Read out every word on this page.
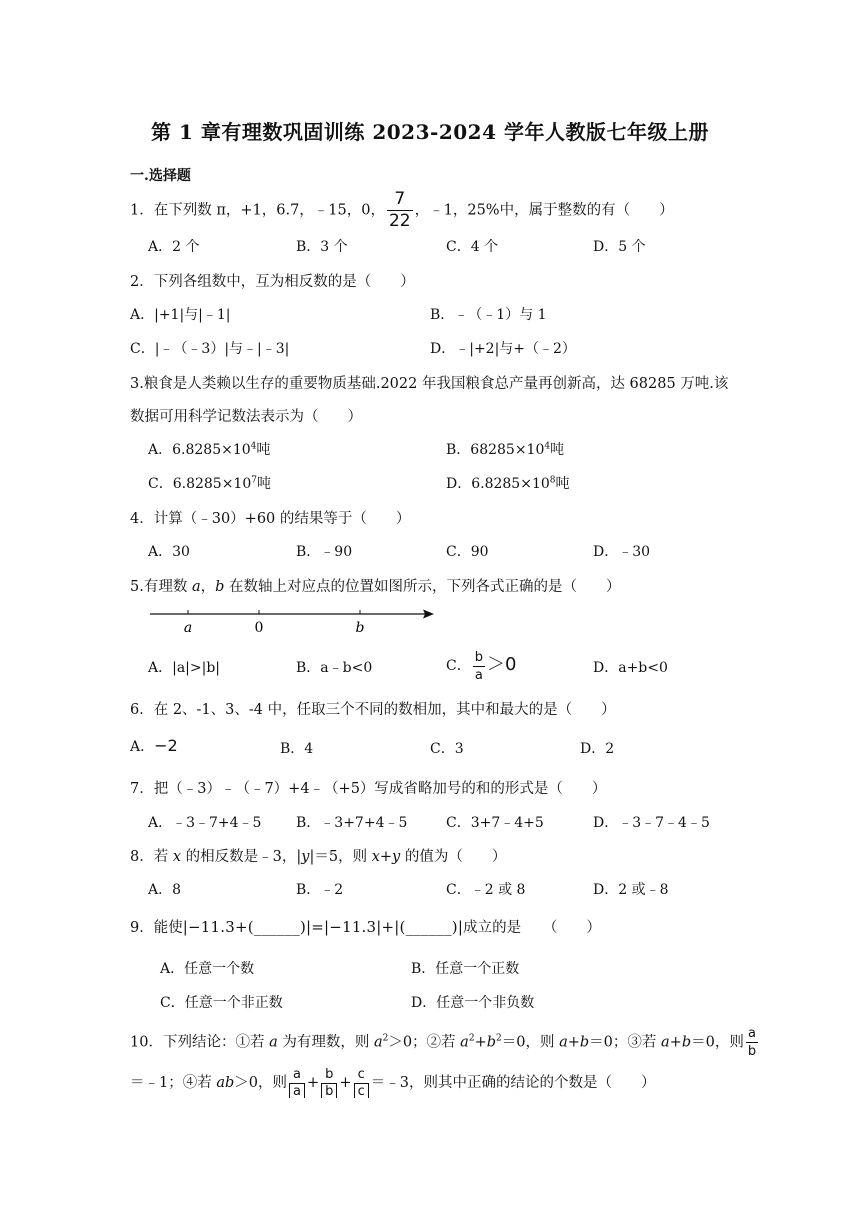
第 1 章有理数巩固训练 2023-2024 学年人教版七年级上册
一.选择题
1．在下列数 π，+1，6.7，﹣15，0， $\frac{7}{22}$ ，﹣1，25%中，属于整数的有（　　）
A．2 个	B．3 个	C．4 个	D．5 个
2．下列各组数中，互为相反数的是（　　）
A．|+1|与|﹣1|	B．﹣（﹣1）与 1
C．|﹣（﹣3）|与﹣|﹣3|	D．﹣|+2|与+（﹣2）
3.粮食是人类赖以生存的重要物质基础.2022 年我国粮食总产量再创新高，达 68285 万吨.该
数据可用科学记数法表示为（　　）
A．$6.8285\times 10^4$吨	B．$68285\times 10^4$吨
C．$6.8285\times 10^7$吨	D．$6.8285\times 10^8$吨
4．计算（﹣30）+60 的结果等于（　　）
A．30	B．﹣90	C．90	D．﹣30
5.有理数 a，b 在数轴上对应点的位置如图所示，下列各式正确的是（　　）
a	0	b
A．|a|>|b|	B．a﹣b<0	C． $\frac{b}{a} >0$	D．a+b<0
6．在 2、-1、3、-4 中，任取三个不同的数相加，其中和最大的是（　　）
A．−2	B．4	C．3	D．2
7．把（﹣3）﹣（﹣7）+4﹣（+5）写成省略加号的和的形式是（　　）
A．﹣3﹣7+4﹣5 B．﹣3+7+4﹣5	C．3+7﹣4+5	D．﹣3﹣7﹣4﹣5
8．若 x 的相反数是﹣3，|y|＝5，则 x+y 的值为（　　）
A．8	B．﹣2	C．﹣2 或 8	D．2 或﹣8
9．能使|−11.3+(______)|=|−11.3|+|(______)|成立的是　　（　　）
A．任意一个数	B．任意一个正数
C．任意一个非正数	D．任意一个非负数
10．下列结论：①若 a 为有理数，则 $a^2>0$；②若 $a^2+b^2=0$，则 a+b＝0；③若 a+b＝0，则 $\frac{a}{b}$
＝﹣1；④若 ab＞0，则 $\frac{a}{a} + \frac{b}{b} + \frac{c}{c}$ ＝﹣3，则其中正确的结论的个数是（　　）
